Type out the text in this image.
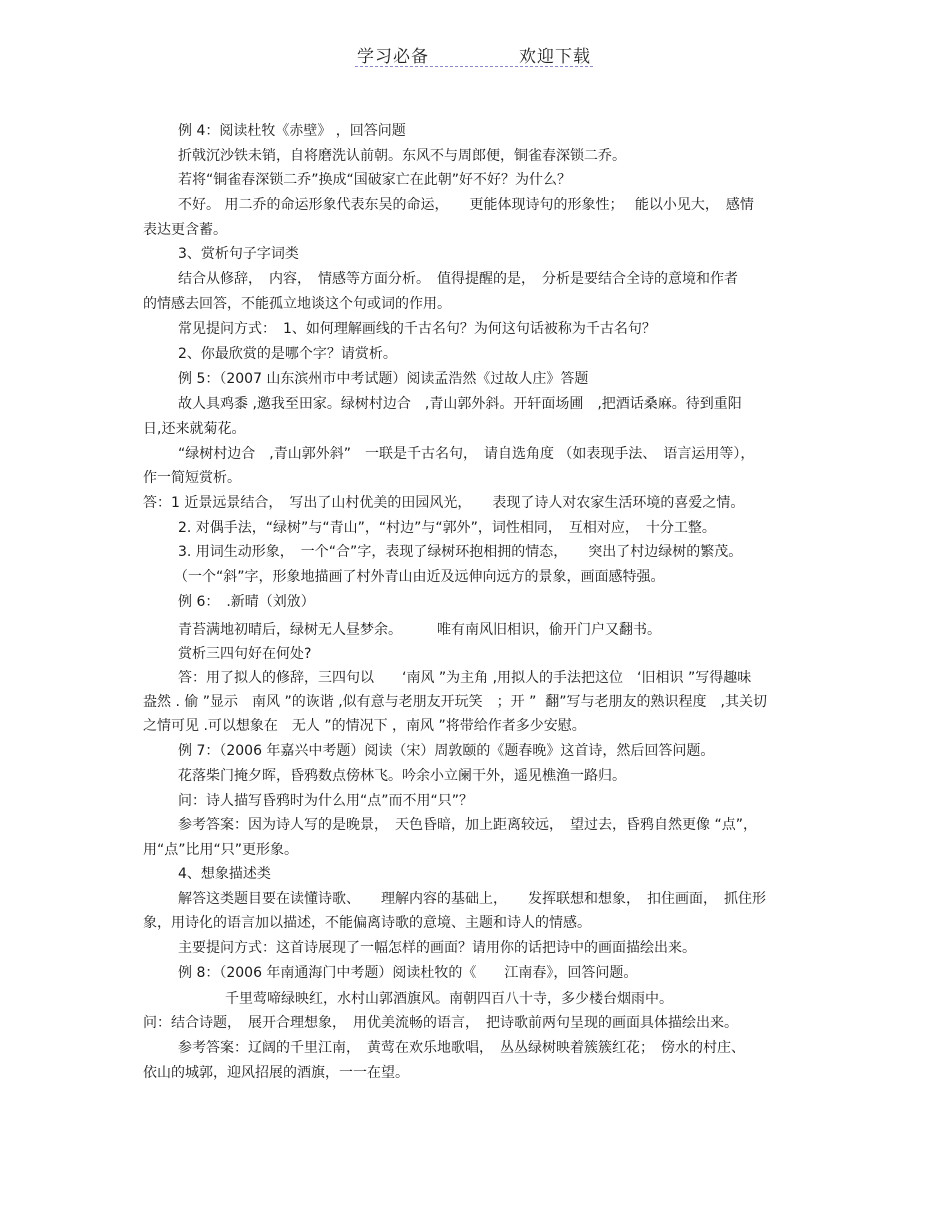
学习必备	欢迎下载
例 4：阅读杜牧《赤壁》 ，回答问题
折戟沉沙铁未销，自将磨洗认前朝。东风不与周郎便，铜雀春深锁二乔。
若将“铜雀春深锁二乔”换成“国破家亡在此朝”好不好？为什么？
不好。 用二乔的命运形象代表东吴的命运，　　更能体现诗句的形象性；　 能以小见大，　感情
表达更含蓄。
3、赏析句子字词类
结合从修辞，　内容，　情感等方面分析。　值得提醒的是，　分析是要结合全诗的意境和作者
的情感去回答，不能孤立地谈这个句或词的作用。
常见提问方式：　1、如何理解画线的千古名句？为何这句话被称为千古名句？
2、你最欣赏的是哪个字？请赏析。
例 5：（2007 山东滨州市中考试题）阅读孟浩然《过故人庄》答题
故人具鸡黍 ,邀我至田家。绿树村边合　,青山郭外斜。开轩面场圃　,把酒话桑麻。待到重阳
日,还来就菊花。
“绿树村边合　,青山郭外斜”　一联是千古名句，　请自选角度 （如表现手法、　语言运用等），
作一简短赏析。
答：1 近景远景结合，　写出了山村优美的田园风光，　　表现了诗人对农家生活环境的喜爱之情。
2. 对偶手法，“绿树”与“青山”，“村边”与“郭外”，词性相同，　互相对应，　十分工整。
3. 用词生动形象，　一个“合”字，表现了绿树环抱相拥的情态，　　突出了村边绿树的繁茂。
（一个“斜”字，形象地描画了村外青山由近及远伸向远方的景象，画面感特强。
例 6：　.新晴（刘攽）
青苔满地初晴后，绿树无人昼梦余。　　　唯有南风旧相识，偷开门户又翻书。
赏析三四句好在何处?
答：用了拟人的修辞，三四句以　　‘南风 ”为主角 ,用拟人的手法把这位　‘旧相识 ”写得趣味
盎然 . 偷 ”显示　南风 ”的诙谐 ,似有意与老朋友开玩笑　；开 ”  翻”写与老朋友的熟识程度　,其关切
之情可见 .可以想象在　无人 ”的情况下 ，南风 ”将带给作者多少安慰。
例 7：（2006 年嘉兴中考题）阅读（宋）周敦颐的《题春晚》这首诗，然后回答问题。
花落柴门掩夕晖，昏鸦数点傍林飞。吟余小立阑干外，遥见樵渔一路归。
问：诗人描写昏鸦时为什么用“点”而不用“只”？
参考答案：因为诗人写的是晚景，　天色昏暗，加上距离较远，　望过去，昏鸦自然更像 “点”，
用“点”比用“只”更形象。
4、想象描述类
解答这类题目要在读懂诗歌、　　理解内容的基础上，　　发挥联想和想象，　扣住画面，　抓住形
象，用诗化的语言加以描述，不能偏离诗歌的意境、主题和诗人的情感。
主要提问方式：这首诗展现了一幅怎样的画面？请用你的话把诗中的画面描绘出来。
例 8：（2006 年南通海门中考题）阅读杜牧的《　　江南春》，回答问题。
千里莺啼绿映红，水村山郭酒旗风。南朝四百八十寺，多少楼台烟雨中。
问：结合诗题，　展开合理想象，　用优美流畅的语言，　把诗歌前两句呈现的画面具体描绘出来。
参考答案：辽阔的千里江南，　黄莺在欢乐地歌唱，　丛丛绿树映着簇簇红花；　傍水的村庄、
依山的城郭，迎风招展的酒旗，一一在望。
